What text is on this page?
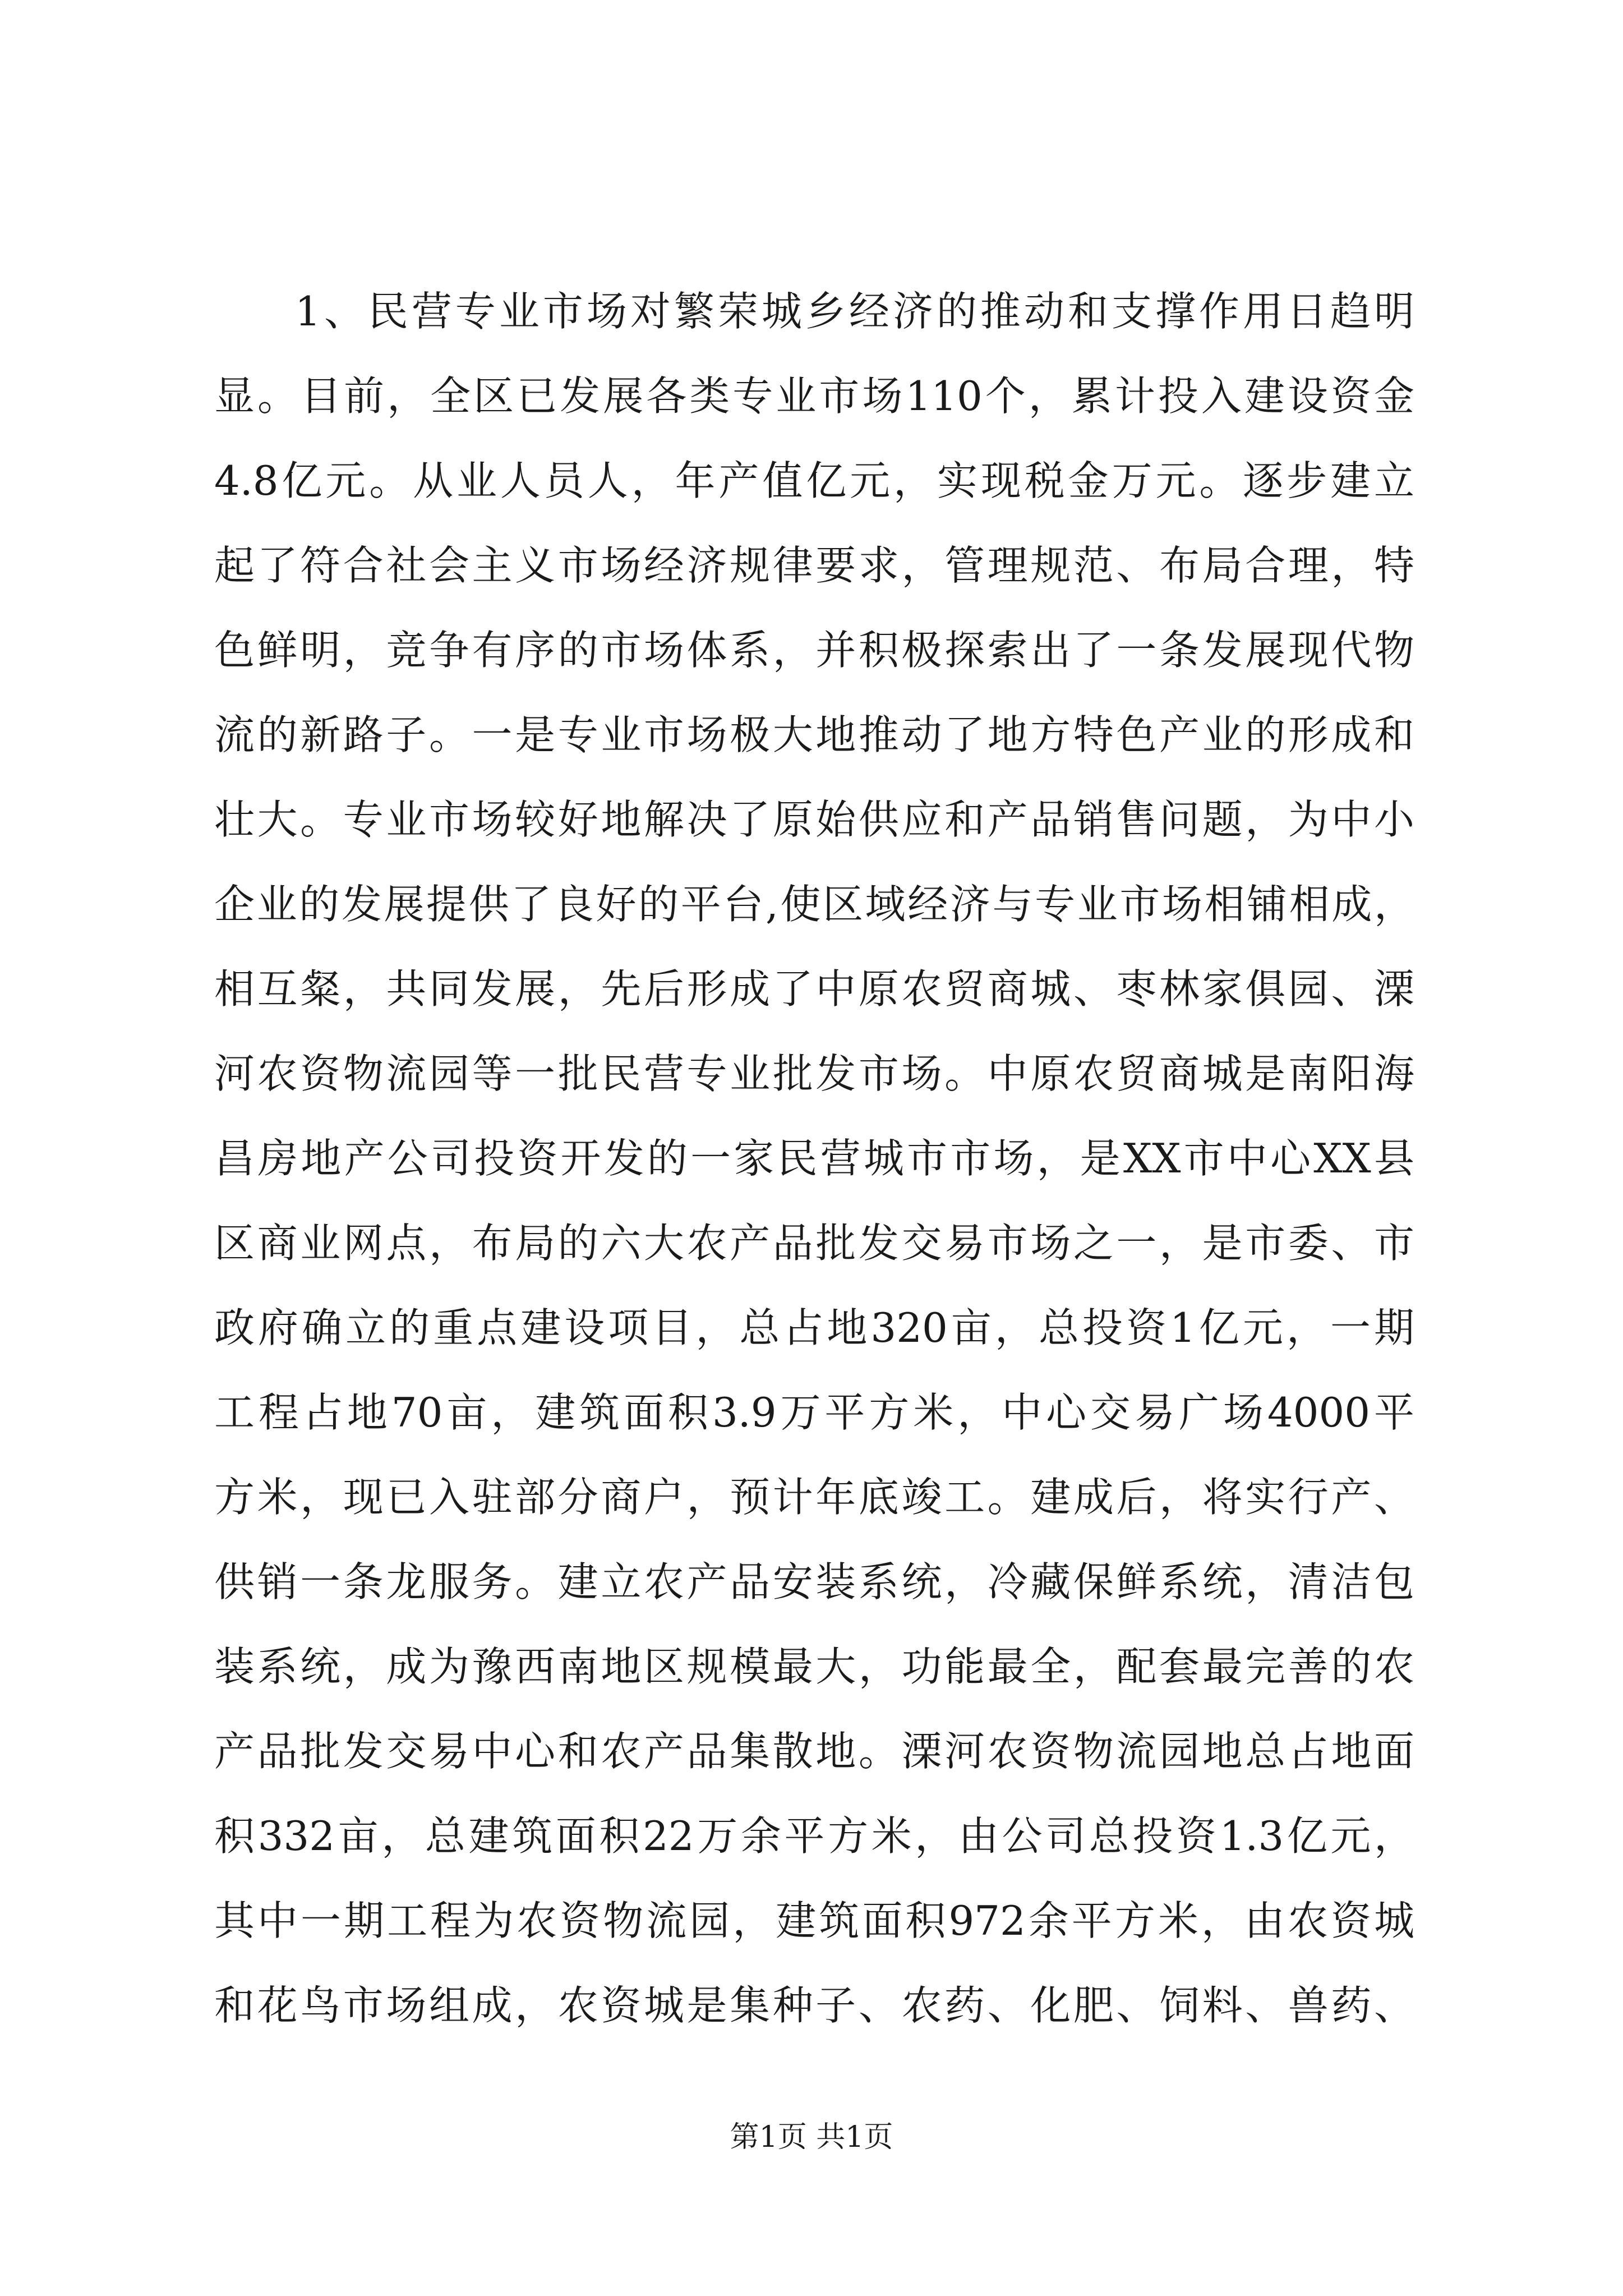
1、民营专业市场对繁荣城乡经济的推动和支撑作用日趋明
显。目前，全区已发展各类专业市场110个，累计投入建设资金
4.8亿元。从业人员人，年产值亿元，实现税金万元。逐步建立
起了符合社会主义市场经济规律要求，管理规范、布局合理，特
色鲜明，竞争有序的市场体系，并积极探索出了一条发展现代物
流的新路子。一是专业市场极大地推动了地方特色产业的形成和
壮大。专业市场较好地解决了原始供应和产品销售问题，为中小
企业的发展提供了良好的平台,使区域经济与专业市场相铺相成，
相互粲，共同发展，先后形成了中原农贸商城、枣林家俱园、溧
河农资物流园等一批民营专业批发市场。中原农贸商城是南阳海
昌房地产公司投资开发的一家民营城市市场，是XX市中心XX县
区商业网点，布局的六大农产品批发交易市场之一，是市委、市
政府确立的重点建设项目，总占地320亩，总投资1亿元，一期
工程占地70亩，建筑面积3.9万平方米，中心交易广场4000平
方米，现已入驻部分商户，预计年底竣工。建成后，将实行产、
供销一条龙服务。建立农产品安装系统，冷藏保鲜系统，清洁包
装系统，成为豫西南地区规模最大，功能最全，配套最完善的农
产品批发交易中心和农产品集散地。溧河农资物流园地总占地面
积332亩，总建筑面积22万余平方米，由公司总投资1.3亿元，
其中一期工程为农资物流园，建筑面积972余平方米，由农资城
和花鸟市场组成，农资城是集种子、农药、化肥、饲料、兽药、
第1页 共1页
